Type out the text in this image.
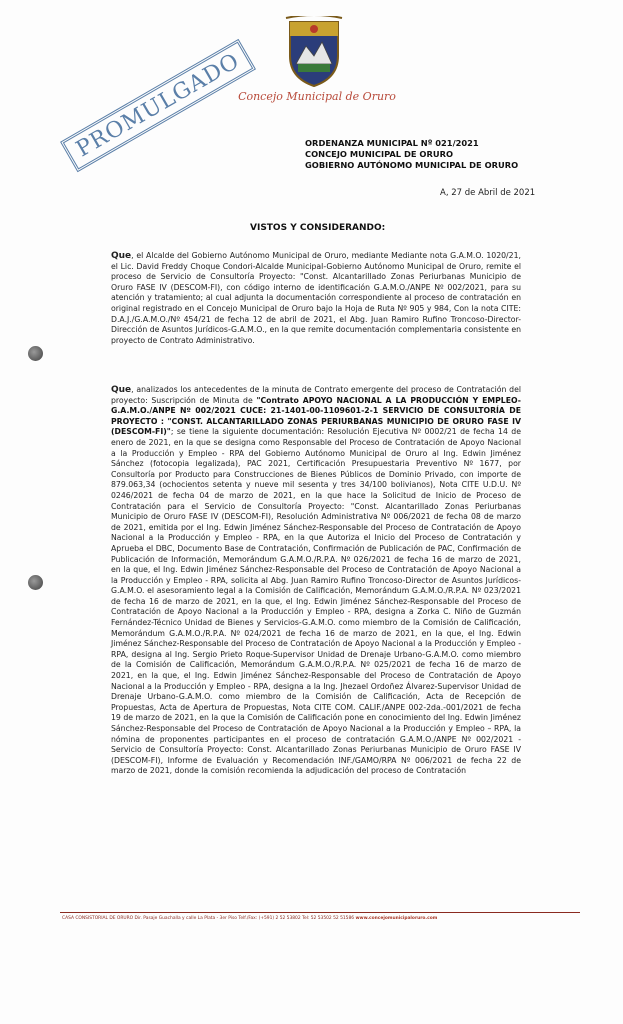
PROMULGADO
Concejo Municipal de Oruro
ORDENANZA MUNICIPAL Nº 021/2021
CONCEJO MUNICIPAL DE ORURO
GOBIERNO AUTÓNOMO MUNICIPAL DE ORURO
A, 27 de Abril de 2021
VISTOS Y CONSIDERANDO:
Que, el Alcalde del Gobierno Autónomo Municipal de Oruro, mediante Mediante nota G.A.M.O. 1020/21, el Lic. David Freddy Choque Condori-Alcalde Municipal-Gobierno Autónomo Municipal de Oruro, remite el proceso de Servicio de Consultoría Proyecto: "Const. Alcantarillado Zonas Periurbanas Municipio de Oruro FASE IV (DESCOM-FI), con código interno de identificación G.A.M.O./ANPE Nº 002/2021, para su atención y tratamiento; al cual adjunta la documentación correspondiente al proceso de contratación en original registrado en el Concejo Municipal de Oruro bajo la Hoja de Ruta Nº 905 y 984, Con la nota CITE: D.A.J./G.A.M.O./Nº 454/21 de fecha 12 de abril de 2021, el Abg. Juan Ramiro Rufino Troncoso-Director-Dirección de Asuntos Jurídicos-G.A.M.O., en la que remite documentación complementaria consistente en proyecto de Contrato Administrativo.
Que, analizados los antecedentes de la minuta de Contrato emergente del proceso de Contratación del proyecto: Suscripción de Minuta de "Contrato APOYO NACIONAL A LA PRODUCCIÓN Y EMPLEO- G.A.M.O./ANPE Nº 002/2021 CUCE: 21-1401-00-1109601-2-1 SERVICIO DE CONSULTORÍA DE PROYECTO : "CONST. ALCANTARILLADO ZONAS PERIURBANAS MUNICIPIO DE ORURO FASE IV (DESCOM-FI)"; se tiene la siguiente documentación: Resolución Ejecutiva Nº 0002/21 de fecha 14 de enero de 2021, en la que se designa como Responsable del Proceso de Contratación de Apoyo Nacional a la Producción y Empleo - RPA del Gobierno Autónomo Municipal de Oruro al Ing. Edwin Jiménez Sánchez (fotocopia legalizada), PAC 2021, Certificación Presupuestaria Preventivo Nº 1677, por Consultoría por Producto para Construcciones de Bienes Públicos de Dominio Privado, con importe de 879.063,34 (ochocientos setenta y nueve mil sesenta y tres 34/100 bolivianos), Nota CITE U.D.U. Nº 0246/2021 de fecha 04 de marzo de 2021, en la que hace la Solicitud de Inicio de Proceso de Contratación para el Servicio de Consultoría Proyecto: "Const. Alcantarillado Zonas Periurbanas Municipio de Oruro FASE IV (DESCOM-FI), Resolución Administrativa Nº 006/2021 de fecha 08 de marzo de 2021, emitida por el Ing. Edwin Jiménez Sánchez-Responsable del Proceso de Contratación de Apoyo Nacional a la Producción y Empleo - RPA, en la que Autoriza el Inicio del Proceso de Contratación y Aprueba el DBC, Documento Base de Contratación, Confirmación de Publicación de PAC, Confirmación de Publicación de Información, Memorándum G.A.M.O./R.P.A. Nº 026/2021 de fecha 16 de marzo de 2021, en la que, el Ing. Edwin Jiménez Sánchez-Responsable del Proceso de Contratación de Apoyo Nacional a la Producción y Empleo - RPA, solicita al Abg. Juan Ramiro Rufino Troncoso-Director de Asuntos Jurídicos-G.A.M.O. el asesoramiento legal a la Comisión de Calificación, Memorándum G.A.M.O./R.P.A. Nº 023/2021 de fecha 16 de marzo de 2021, en la que, el Ing. Edwin Jiménez Sánchez-Responsable del Proceso de Contratación de Apoyo Nacional a la Producción y Empleo - RPA, designa a Zorka C. Niño de Guzmán Fernández-Técnico Unidad de Bienes y Servicios-G.A.M.O. como miembro de la Comisión de Calificación, Memorándum G.A.M.O./R.P.A. Nº 024/2021 de fecha 16 de marzo de 2021, en la que, el Ing. Edwin Jiménez Sánchez-Responsable del Proceso de Contratación de Apoyo Nacional a la Producción y Empleo - RPA, designa al Ing. Sergio Prieto Roque-Supervisor Unidad de Drenaje Urbano-G.A.M.O. como miembro de la Comisión de Calificación, Memorándum G.A.M.O./R.P.A. Nº 025/2021 de fecha 16 de marzo de 2021, en la que, el Ing. Edwin Jiménez Sánchez-Responsable del Proceso de Contratación de Apoyo Nacional a la Producción y Empleo - RPA, designa a la Ing. Jhezael Ordoñez Álvarez-Supervisor Unidad de Drenaje Urbano-G.A.M.O. como miembro de la Comisión de Calificación, Acta de Recepción de Propuestas, Acta de Apertura de Propuestas, Nota CITE COM. CALIF./ANPE 002-2da.-001/2021 de fecha 19 de marzo de 2021, en la que la Comisión de Calificación pone en conocimiento del Ing. Edwin Jiménez Sánchez-Responsable del Proceso de Contratación de Apoyo Nacional a la Producción y Empleo – RPA, la nómina de proponentes participantes en el proceso de contratación G.A.M.O./ANPE Nº 002/2021 - Servicio de Consultoría Proyecto: Const. Alcantarillado Zonas Periurbanas Municipio de Oruro FASE IV (DESCOM-FI), Informe de Evaluación y Recomendación INF./GAMO/RPA Nº 006/2021 de fecha 22 de marzo de 2021, donde la comisión recomienda la adjudicación del proceso de Contratación
CASA CONSISTORIAL DE ORURO Dir. Pasaje Guachalla y calle La Plata - 3er Piso Telf./Fax: (+591) 2 52 53802 Tel: 52 53502 52 51586 www.concejomunicipaloruro.com
